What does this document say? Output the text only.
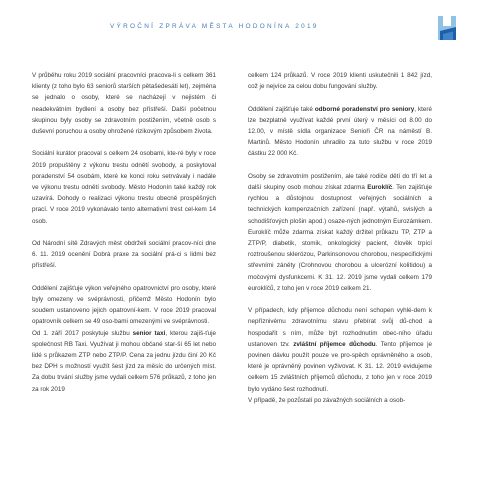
VÝROČNÍ ZPRÁVA MĚSTA HODONÍNA 2019

V průběhu roku 2019 sociální pracovníci pracova-li s celkem 361 klienty (z toho bylo 63 seniorů starších pětašedesáti let), zejména se jednalo o osoby, které se nacházejí v nejistém či neadekvátním bydlení a osoby bez přístřeší. Další početnou skupinou byly osoby se zdravotním postižením, včetně osob s duševní poruchou a osoby ohrožené rizikovým způsobem života.

Sociální kurátor pracoval s celkem 24 osobami, kte-ré byly v roce 2019 propuštěny z výkonu trestu odnětí svobody, a poskytoval poradenství 54 osobám, které ke konci roku setrvávaly i nadále ve výkonu trestu odnětí svobody. Město Hodonín také každý rok uzavírá. Dohody o realizaci výkonu trestu obecně prospěšných prací. V roce 2019 vykonávalo tento alternativní trest cel-kem 14 osob.

Od Národní sítě Zdravých měst obdrželi sociální pracov-níci dne 6. 11. 2019 ocenění Dobrá praxe za sociální prá-ci s lidmi bez přístřeší.

Oddělení zajišťuje výkon veřejného opatrovnictví pro osoby, které byly omezeny ve svéprávnosti, přičemž Město Hodonín bylo soudem ustanoveno jejich opatrovní-kem. V roce 2019 pracoval opatrovník celkem se 49 oso-bami omezenými ve svéprávnosti.
Od 1. září 2017 poskytuje službu senior taxi, kterou zajiš-ťuje společnost RB Taxi. Využívat ji mohou občané star-ší 65 let nebo lidé s průkazem ZTP nebo ZTP/P. Cena za jednu jízdu činí 20 Kč bez DPH s možností využít šest jízd za měsíc do určených míst. Za dobu trvání služby jsme vydali celkem 576 průkazů, z toho jen za rok 2019

celkem 124 průkazů. V roce 2019 klienti uskutečnili 1 842 jízd, což je nejvíce za celou dobu fungování služby.

Oddělení zajišťuje také odborné poradenství pro seniory, které lze bezplatně využívat každé první úterý v měsíci od 8.00 do 12.00, v místě sídla organizace Senioři ČR na náměstí B. Martinů. Město Hodonín uhradilo za tuto službu v roce 2019 částku 22 000 Kč.

Osoby se zdravotním postižením, ale také rodiče dětí do tří let a další skupiny osob mohou získat zdarma Euroklíč. Ten zajišťuje rychlou a důstojnou dostupnost veřejných sociálních a technických kompenzačních zařízení (např. výtahů, svislých a schodišťových plošin apod.) osaze-ných jednotným Eurozámkem. Euroklíč může zdarma získat každý držitel průkazu TP, ZTP a ZTP/P, diabetik, stomik, onkologický pacient, člověk trpící roztroušenou sklerózou, Parkinsonovou chorobou, nespecifickými střevními záněty (Crohnovou chorobou a ulcerózní kolitidou) a močovými dysfunkcemi. K 31. 12. 2019 jsme vydali celkem 179 euroklíčů, z toho jen v roce 2019 celkem 21.

V případech, kdy příjemce důchodu není schopen vyhlé-dem k nepříznivému zdravotnímu stavu přebírat svůj dů-chod a hospodařit s ním, může být rozhodnutím obec-ního úřadu ustanoven tzv. zvláštní příjemce důchodu. Tento příjemce je povinen dávku použít pouze ve pro-spěch oprávněného a osob, které je oprávněný povinen vyživovat. K 31. 12. 2019 evidujeme celkem 15 zvláštních příjemců důchodu, z toho jen v roce 2019 bylo vydáno šest rozhodnutí.
V případě, že pozůstalí po závažných sociálních a osob-
